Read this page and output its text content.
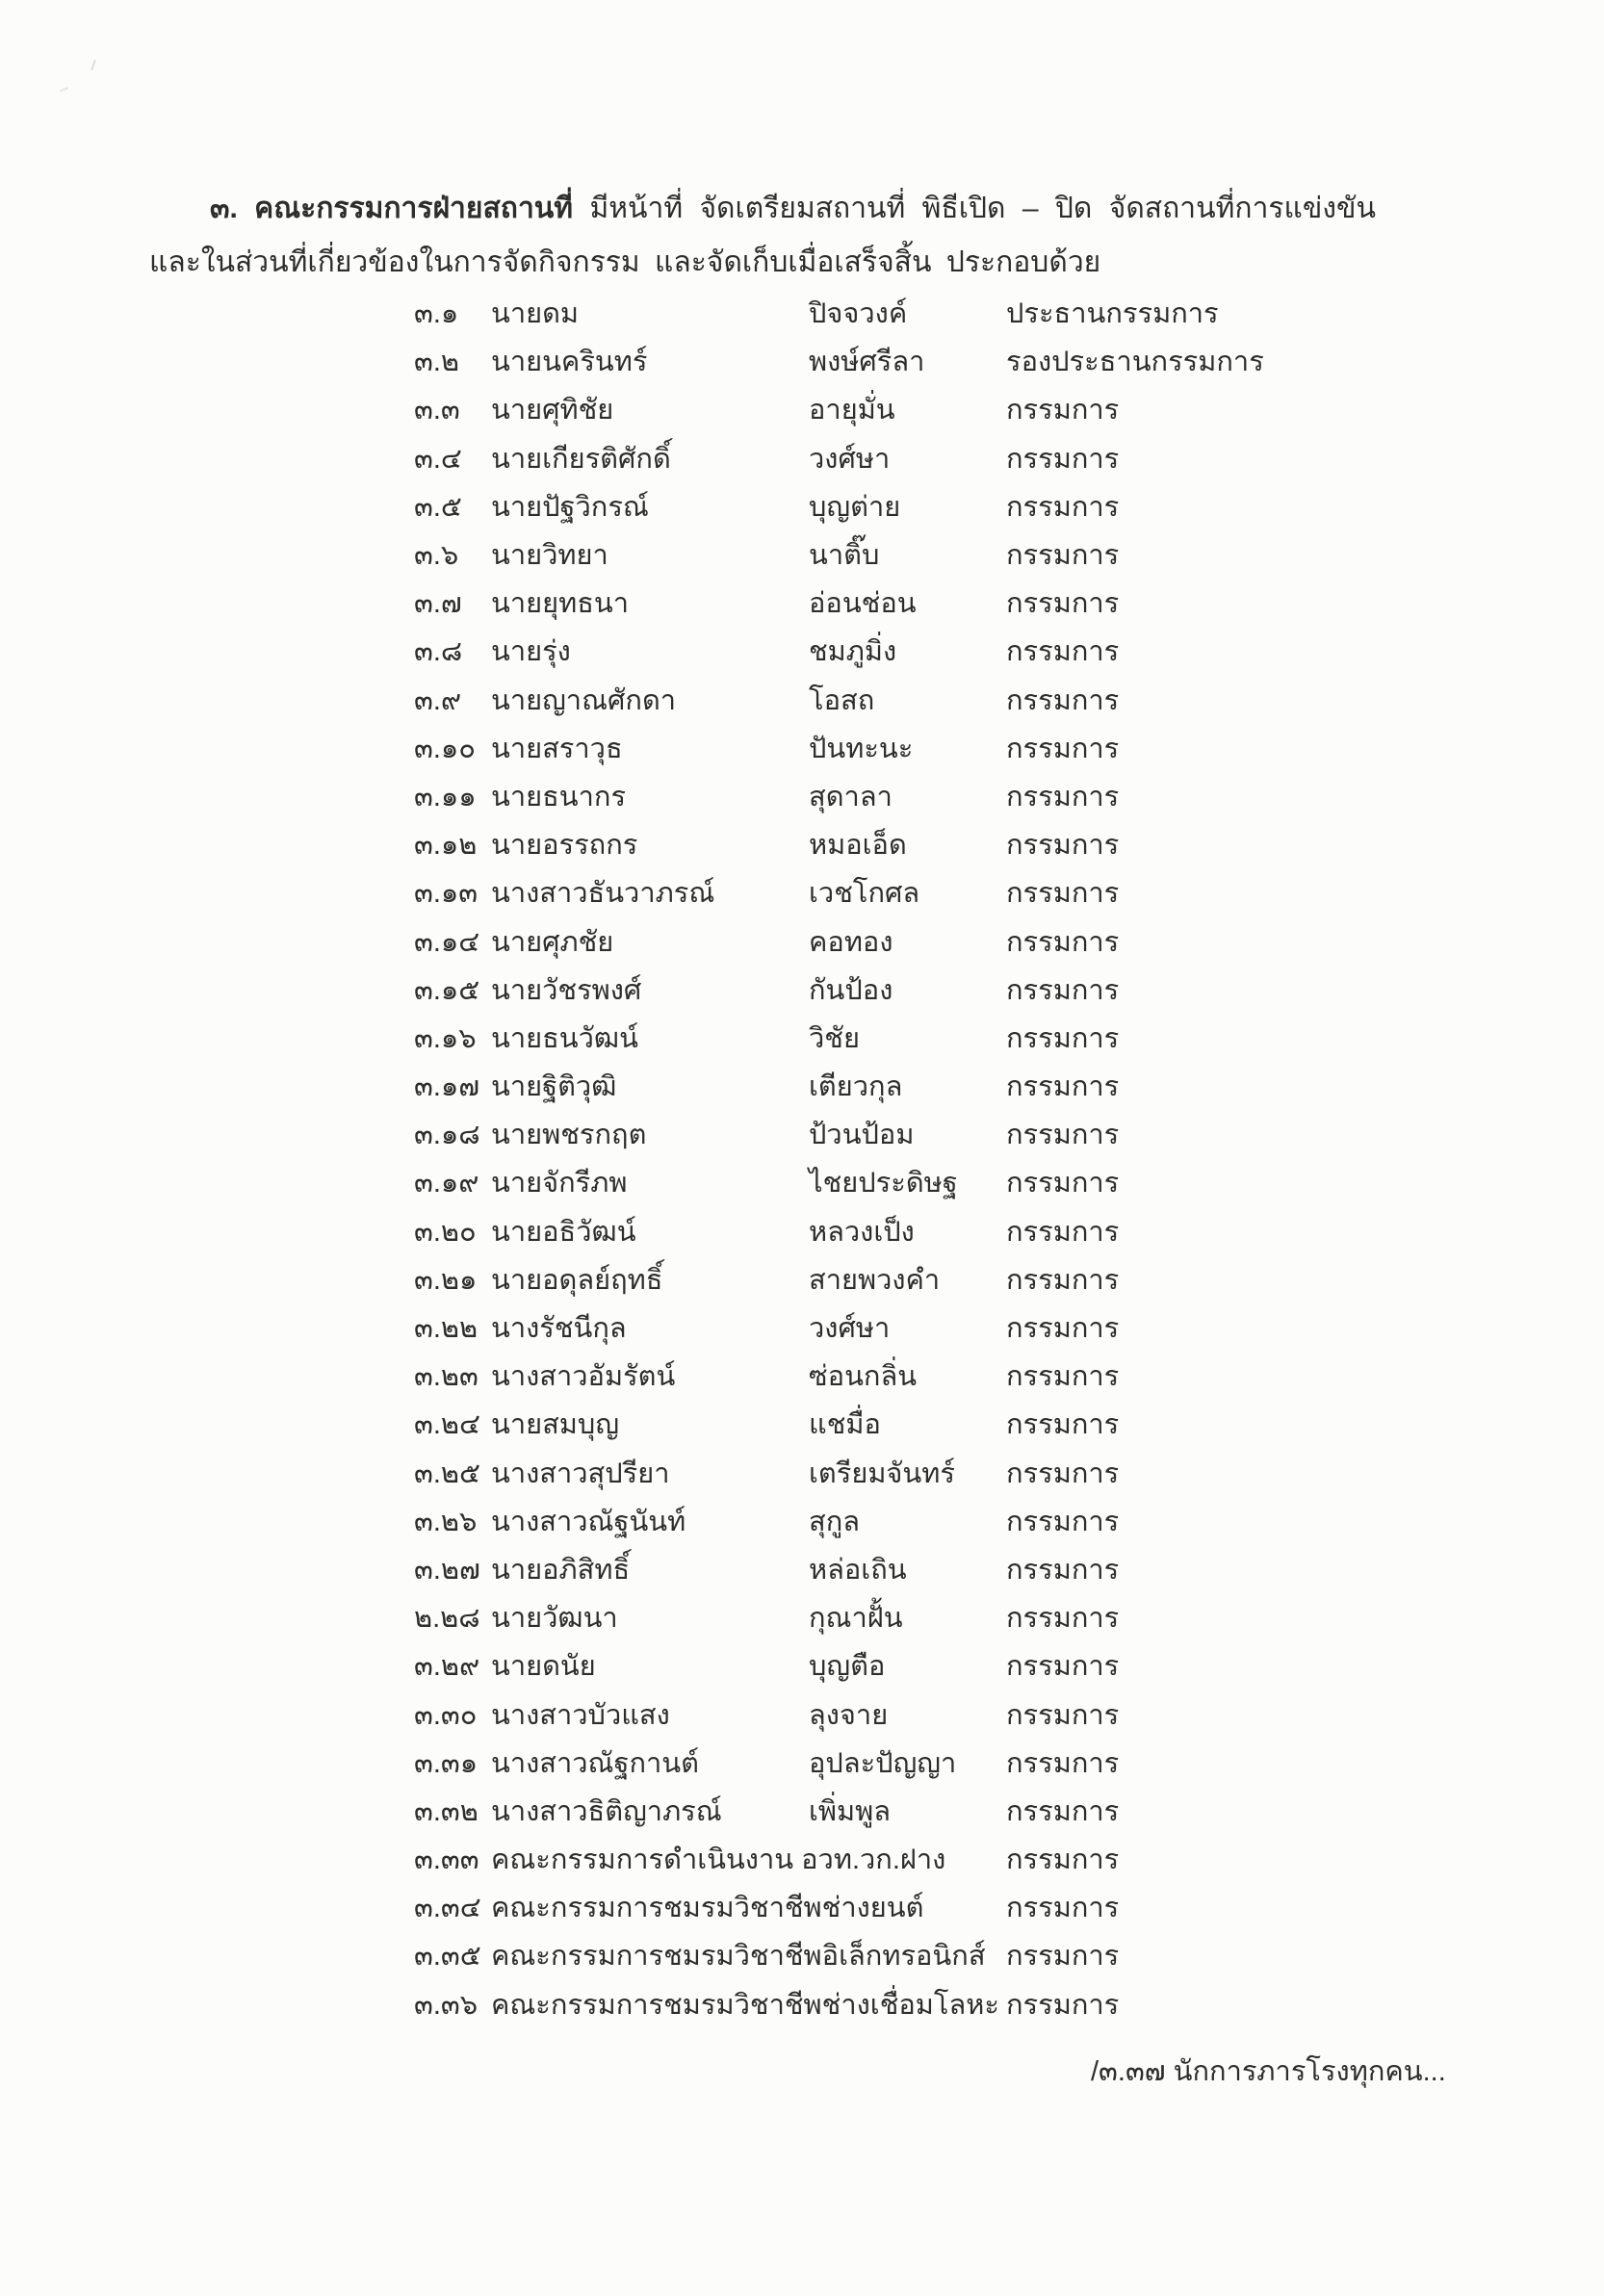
๓. คณะกรรมการฝ่ายสถานที่ มีหน้าที่ จัดเตรียมสถานที่ พิธีเปิด – ปิด จัดสถานที่การแข่งขัน
และในส่วนที่เกี่ยวข้องในการจัดกิจกรรม และจัดเก็บเมื่อเสร็จสิ้น ประกอบด้วย
๓.๑	นายดม	ปิจจวงค์	ประธานกรรมการ
๓.๒	นายนครินทร์	พงษ์ศรีลา	รองประธานกรรมการ
๓.๓	นายศุทิชัย	อายุมั่น	กรรมการ
๓.๔	นายเกียรติศักดิ์	วงศ์ษา	กรรมการ
๓.๕	นายปัฐวิกรณ์	บุญต่าย	กรรมการ
๓.๖	นายวิทยา	นาติ๊บ	กรรมการ
๓.๗	นายยุทธนา	อ่อนช่อน	กรรมการ
๓.๘	นายรุ่ง	ชมภูมิ่ง	กรรมการ
๓.๙	นายญาณศักดา	โอสถ	กรรมการ
๓.๑๐ นายสราวุธ	ปันทะนะ	กรรมการ
๓.๑๑ นายธนากร	สุดาลา	กรรมการ
๓.๑๒ นายอรรถกร	หมอเอ็ด	กรรมการ
๓.๑๓ นางสาวธันวาภรณ์	เวชโกศล	กรรมการ
๓.๑๔ นายศุภชัย	คอทอง	กรรมการ
๓.๑๕ นายวัชรพงศ์	กันป้อง	กรรมการ
๓.๑๖ นายธนวัฒน์	วิชัย	กรรมการ
๓.๑๗ นายฐิติวุฒิ	เตียวกุล	กรรมการ
๓.๑๘ นายพชรกฤต	ป้วนป้อม	กรรมการ
๓.๑๙ นายจักรีภพ	ไชยประดิษฐ	กรรมการ
๓.๒๐ นายอธิวัฒน์	หลวงเป็ง	กรรมการ
๓.๒๑ นายอดุลย์ฤทธิ์	สายพวงคำ	กรรมการ
๓.๒๒ นางรัชนีกุล	วงศ์ษา	กรรมการ
๓.๒๓ นางสาวอัมรัตน์	ซ่อนกลิ่น	กรรมการ
๓.๒๔ นายสมบุญ	แชมื่อ	กรรมการ
๓.๒๕ นางสาวสุปรียา	เตรียมจันทร์	กรรมการ
๓.๒๖ นางสาวณัฐนันท์	สุกูล	กรรมการ
๓.๒๗ นายอภิสิทธิ์	หล่อเถิน	กรรมการ
๒.๒๘ นายวัฒนา	กุณาฝั้น	กรรมการ
๓.๒๙ นายดนัย	บุญตือ	กรรมการ
๓.๓๐ นางสาวบัวแสง	ลุงจาย	กรรมการ
๓.๓๑ นางสาวณัฐกานต์	อุปละปัญญา	กรรมการ
๓.๓๒ นางสาวธิติญาภรณ์	เพิ่มพูล	กรรมการ
๓.๓๓ คณะกรรมการดำเนินงาน อวท.วก.ฝาง	กรรมการ
๓.๓๔ คณะกรรมการชมรมวิชาชีพช่างยนต์	กรรมการ
๓.๓๕ คณะกรรมการชมรมวิชาชีพอิเล็กทรอนิกส์ กรรมการ
๓.๓๖ คณะกรรมการชมรมวิชาชีพช่างเชื่อมโลหะ กรรมการ
/๓.๓๗ นักการภารโรงทุกคน...
